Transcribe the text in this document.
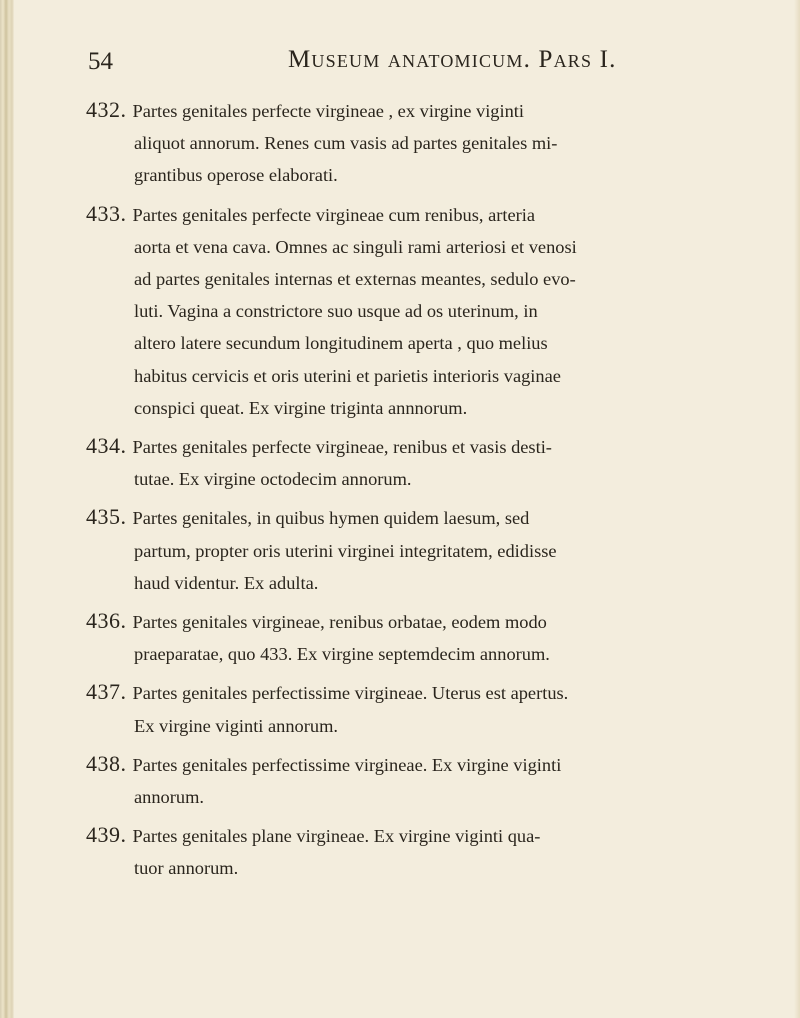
54	Museum anatomicum. Pars I.
432. Partes genitales perfecte virgineae , ex virgine viginti
aliquot annorum. Renes cum vasis ad partes genitales mi-
grantibus operose elaborati.
433. Partes genitales perfecte virgineae cum renibus, arteria
aorta et vena cava. Omnes ac singuli rami arteriosi et venosi
ad partes genitales internas et externas meantes, sedulo evo-
luti. Vagina a constrictore suo usque ad os uterinum, in
altero latere secundum longitudinem aperta , quo melius
habitus cervicis et oris uterini et parietis interioris vaginae
conspici queat. Ex virgine triginta annnorum.
434. Partes genitales perfecte virgineae, renibus et vasis desti-
tutae. Ex virgine octodecim annorum.
435. Partes genitales, in quibus hymen quidem laesum, sed
partum, propter oris uterini virginei integritatem, edidisse
haud videntur. Ex adulta.
436. Partes genitales virgineae, renibus orbatae, eodem modo
praeparatae, quo 433. Ex virgine septemdecim annorum.
437. Partes genitales perfectissime virgineae. Uterus est apertus.
Ex virgine viginti annorum.
438. Partes genitales perfectissime virgineae. Ex virgine viginti
annorum.
439. Partes genitales plane virgineae. Ex virgine viginti qua-
tuor annorum.
